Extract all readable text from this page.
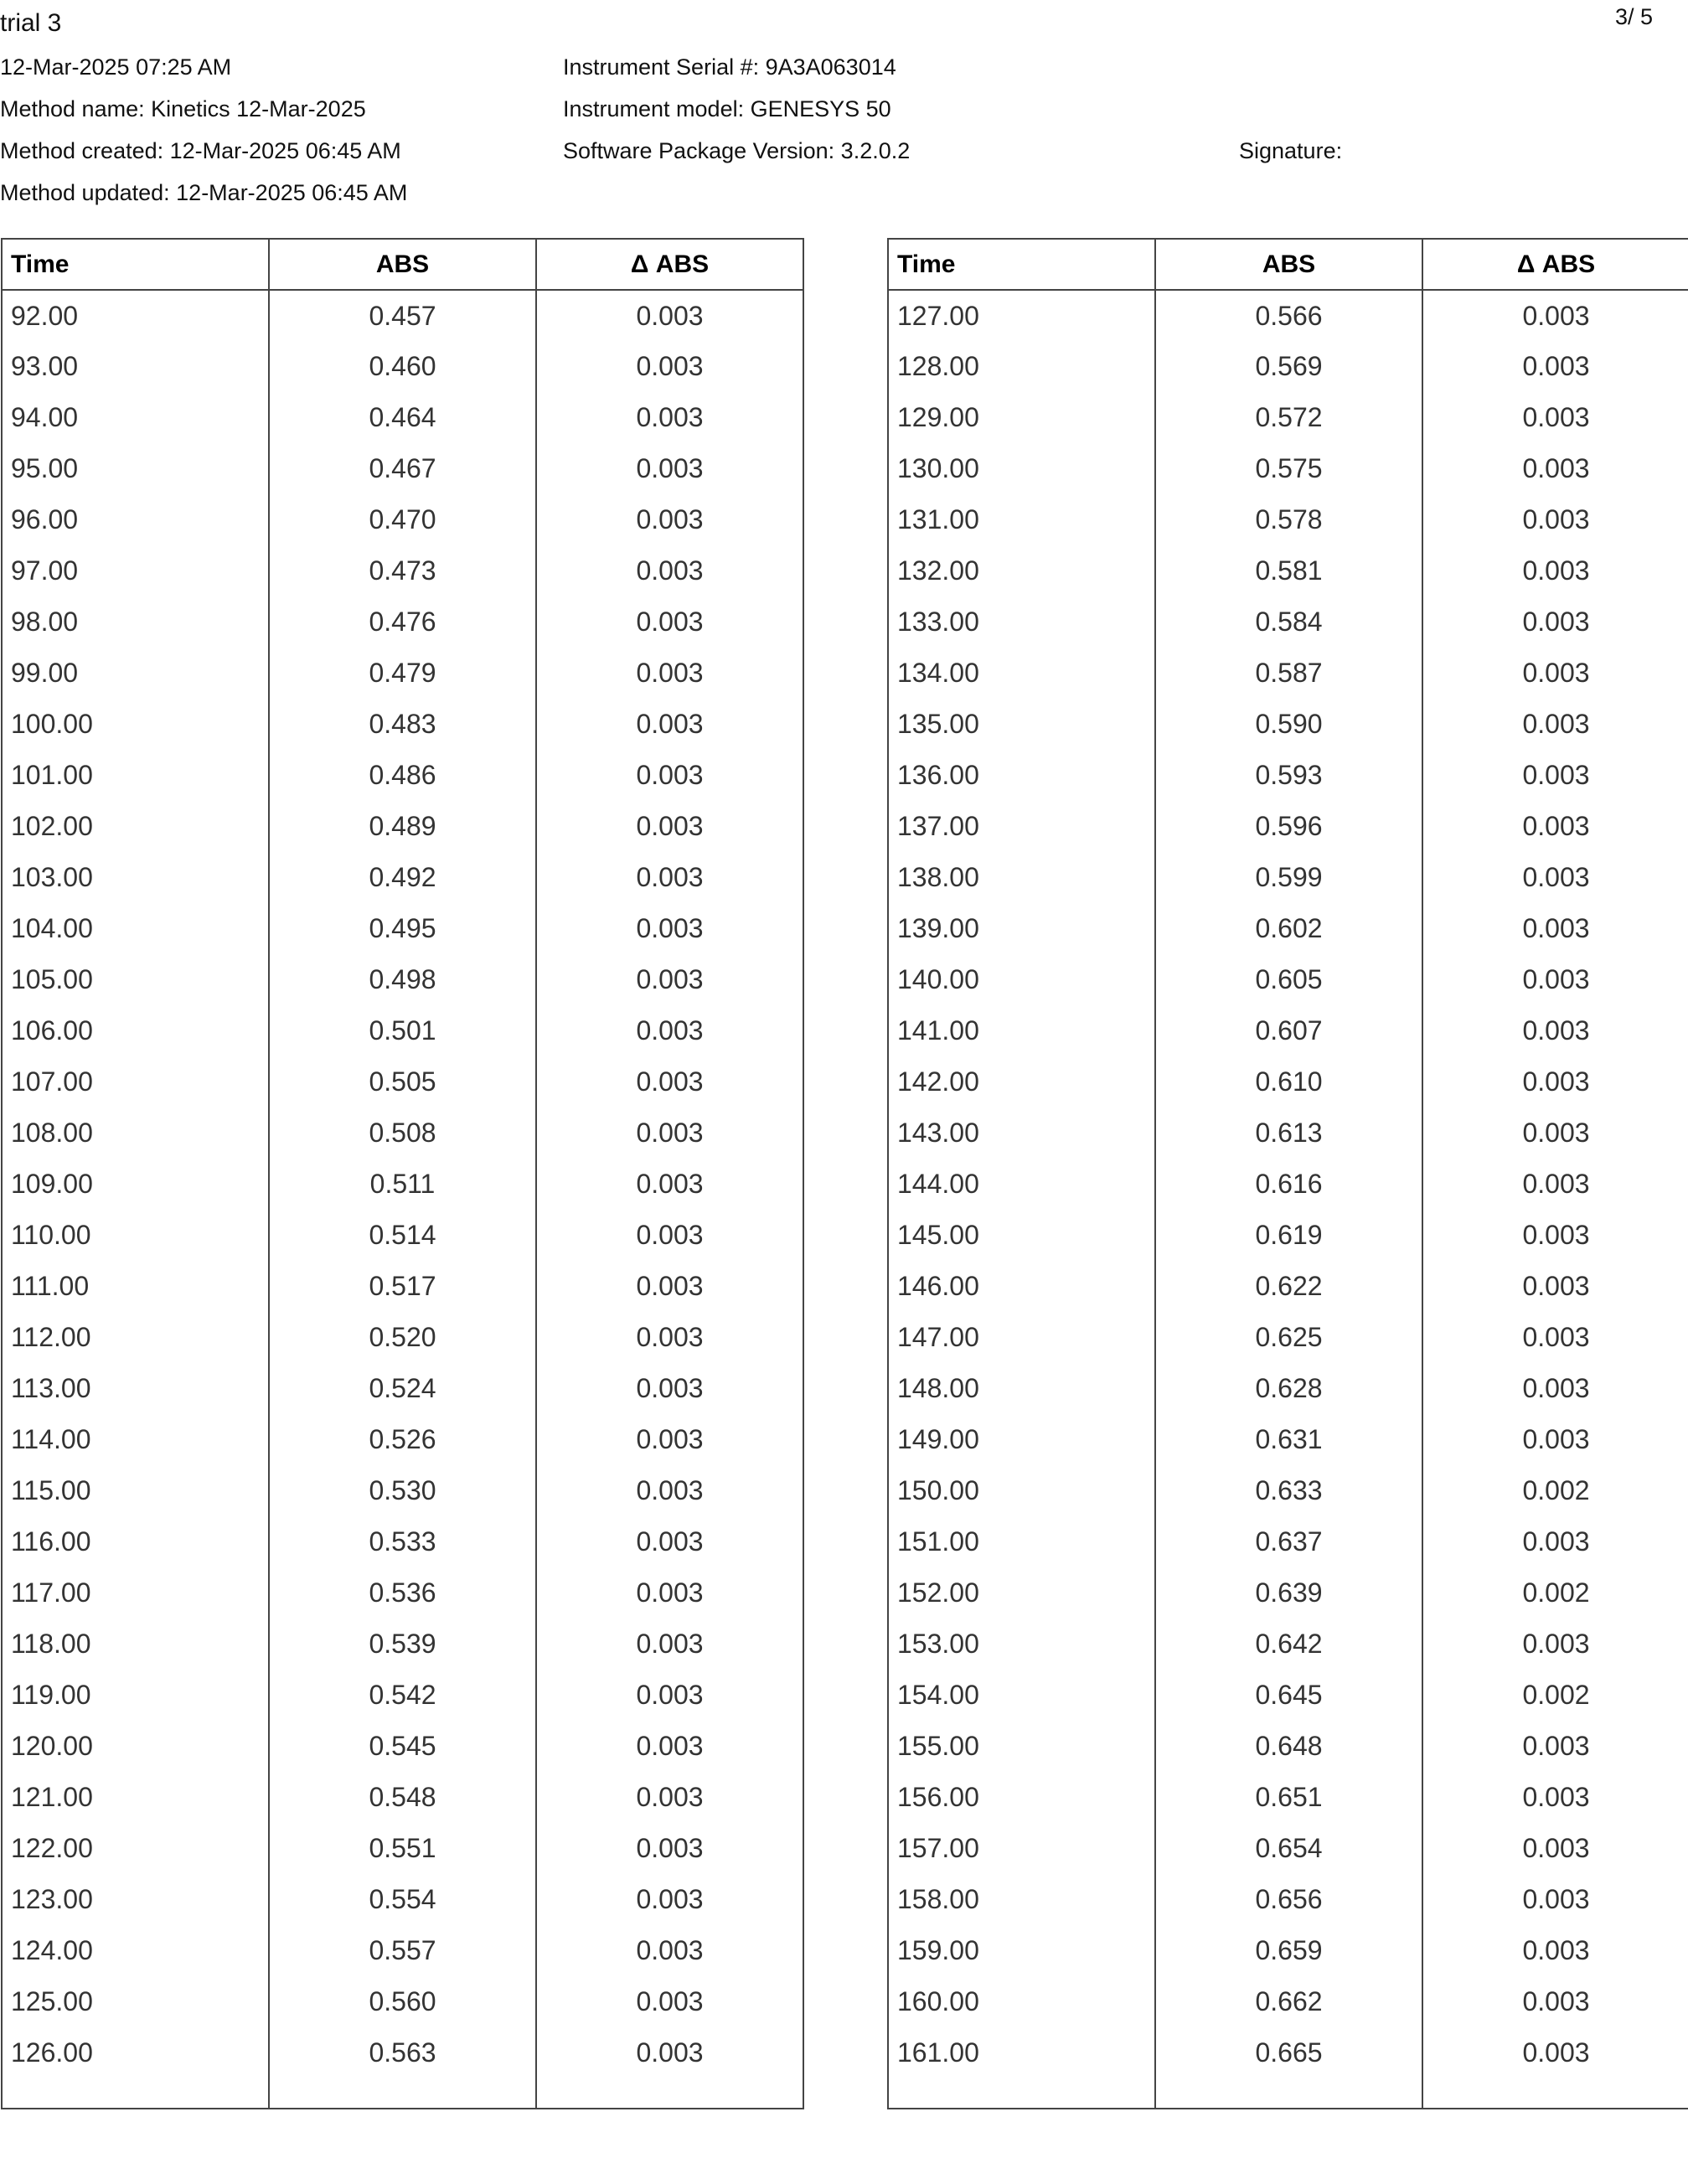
trial 3	3/ 5
12-Mar-2025 07:25 AM
Method name: Kinetics 12-Mar-2025
Method created: 12-Mar-2025 06:45 AM
Method updated: 12-Mar-2025 06:45 AM
Instrument Serial #: 9A3A063014
Instrument model: GENESYS 50
Software Package Version: 3.2.0.2	Signature:
Time	ABS	Δ ABS
92.00	0.457	0.003
93.00	0.460	0.003
94.00	0.464	0.003
95.00	0.467	0.003
96.00	0.470	0.003
97.00	0.473	0.003
98.00	0.476	0.003
99.00	0.479	0.003
100.00	0.483	0.003
101.00	0.486	0.003
102.00	0.489	0.003
103.00	0.492	0.003
104.00	0.495	0.003
105.00	0.498	0.003
106.00	0.501	0.003
107.00	0.505	0.003
108.00	0.508	0.003
109.00	0.511	0.003
110.00	0.514	0.003
111.00	0.517	0.003
112.00	0.520	0.003
113.00	0.524	0.003
114.00	0.526	0.003
115.00	0.530	0.003
116.00	0.533	0.003
117.00	0.536	0.003
118.00	0.539	0.003
119.00	0.542	0.003
120.00	0.545	0.003
121.00	0.548	0.003
122.00	0.551	0.003
123.00	0.554	0.003
124.00	0.557	0.003
125.00	0.560	0.003
126.00	0.563	0.003

Time	ABS	Δ ABS
127.00	0.566	0.003
128.00	0.569	0.003
129.00	0.572	0.003
130.00	0.575	0.003
131.00	0.578	0.003
132.00	0.581	0.003
133.00	0.584	0.003
134.00	0.587	0.003
135.00	0.590	0.003
136.00	0.593	0.003
137.00	0.596	0.003
138.00	0.599	0.003
139.00	0.602	0.003
140.00	0.605	0.003
141.00	0.607	0.003
142.00	0.610	0.003
143.00	0.613	0.003
144.00	0.616	0.003
145.00	0.619	0.003
146.00	0.622	0.003
147.00	0.625	0.003
148.00	0.628	0.003
149.00	0.631	0.003
150.00	0.633	0.002
151.00	0.637	0.003
152.00	0.639	0.002
153.00	0.642	0.003
154.00	0.645	0.002
155.00	0.648	0.003
156.00	0.651	0.003
157.00	0.654	0.003
158.00	0.656	0.003
159.00	0.659	0.003
160.00	0.662	0.003
161.00	0.665	0.003
